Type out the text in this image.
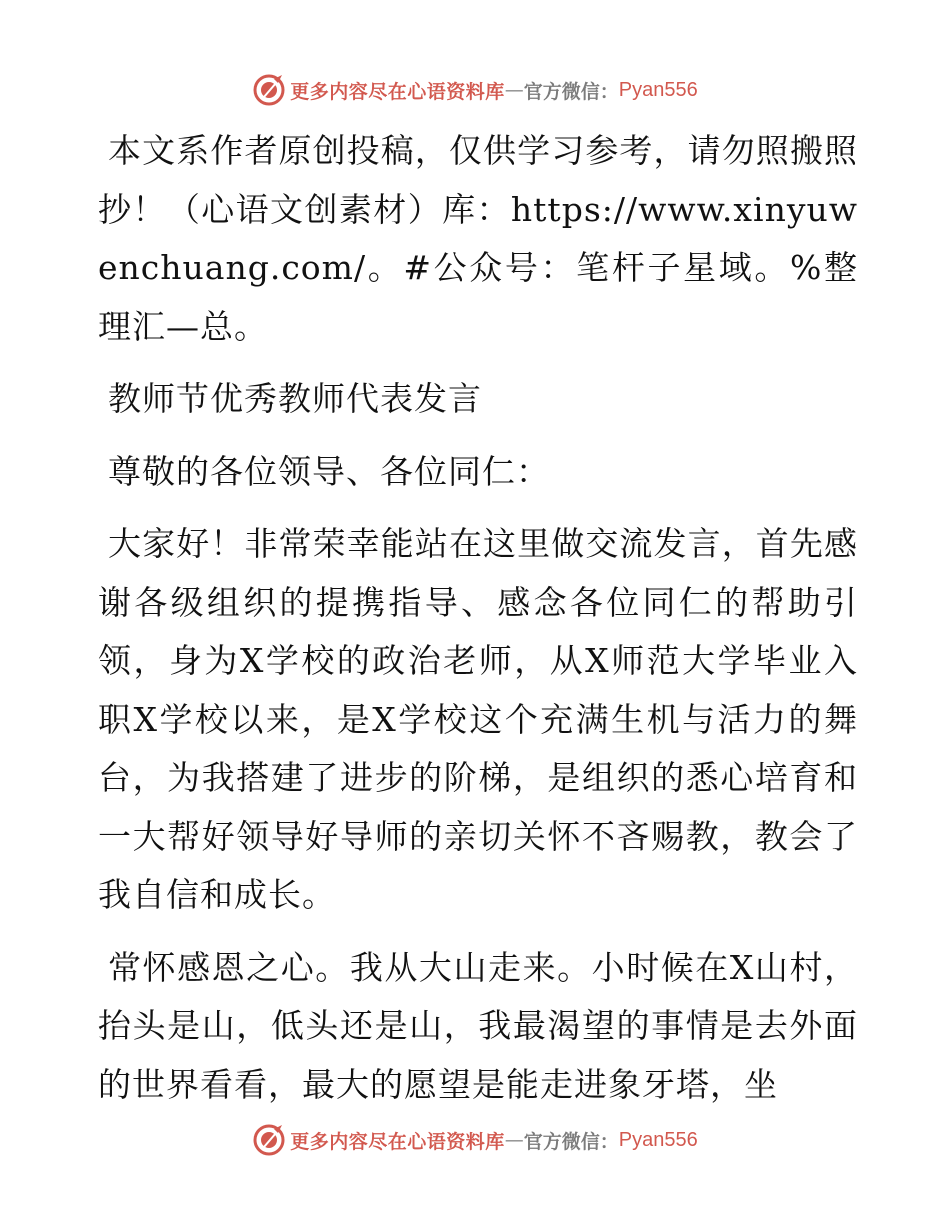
更多内容尽在心语资料库 — 官方微信： Pyan556

本文系作者原创投稿，仅供学习参考，请勿照搬照抄！（心语文创素材）库：https://www.xinyuwenchuang.com/。#公众号：笔杆子星域。%整理汇—总。

教师节优秀教师代表发言

尊敬的各位领导、各位同仁：

大家好！非常荣幸能站在这里做交流发言，首先感谢各级组织的提携指导、感念各位同仁的帮助引领，身为X学校的政治老师，从X师范大学毕业入职X学校以来，是X学校这个充满生机与活力的舞台，为我搭建了进步的阶梯，是组织的悉心培育和一大帮好领导好导师的亲切关怀不吝赐教，教会了我自信和成长。

常怀感恩之心。我从大山走来。小时候在X山村，抬头是山，低头还是山，我最渴望的事情是去外面的世界看看，最大的愿望是能走进象牙塔，坐

更多内容尽在心语资料库 — 官方微信： Pyan556
